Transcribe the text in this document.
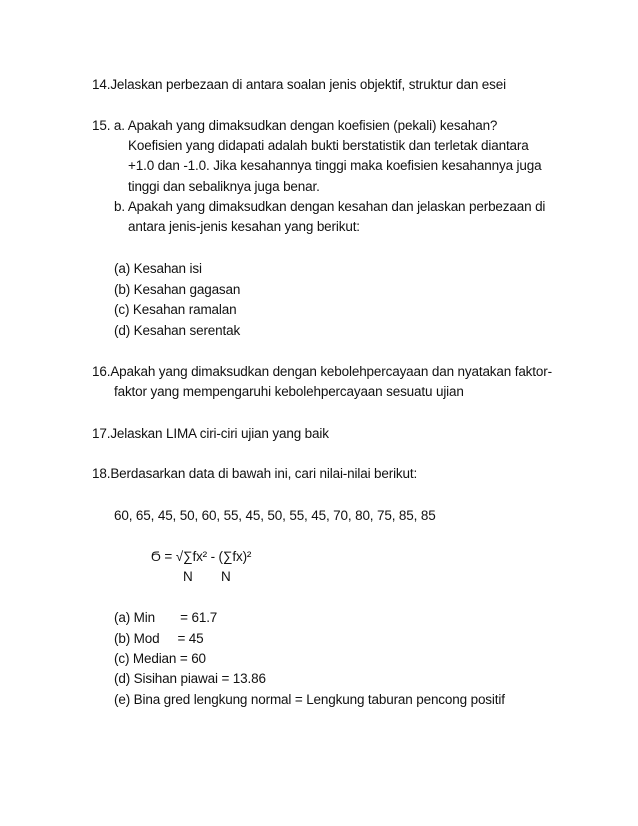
14.Jelaskan perbezaan di antara soalan jenis objektif, struktur dan esei
15. a. Apakah yang dimaksudkan dengan koefisien (pekali) kesahan?
Koefisien yang didapati adalah bukti berstatistik dan terletak diantara
+1.0 dan -1.0. Jika kesahannya tinggi maka koefisien kesahannya juga
tinggi dan sebaliknya juga benar.
b. Apakah yang dimaksudkan dengan kesahan dan jelaskan perbezaan di
antara jenis-jenis kesahan yang berikut:
(a) Kesahan isi
(b) Kesahan gagasan
(c) Kesahan ramalan
(d) Kesahan serentak
16.Apakah yang dimaksudkan dengan kebolehpercayaan dan nyatakan faktor-
faktor yang mempengaruhi kebolehpercayaan sesuatu ujian
17.Jelaskan LIMA ciri-ciri ujian yang baik
18.Berdasarkan data di bawah ini, cari nilai-nilai berikut:
60, 65, 45, 50, 60, 55, 45, 50, 55, 45, 70, 80, 75, 85, 85
Ϭ = √∑fx² - (∑fx)²
N N
(a) Min       = 61.7
(b) Mod     = 45
(c) Median = 60
(d) Sisihan piawai = 13.86
(e) Bina gred lengkung normal = Lengkung taburan pencong positif
